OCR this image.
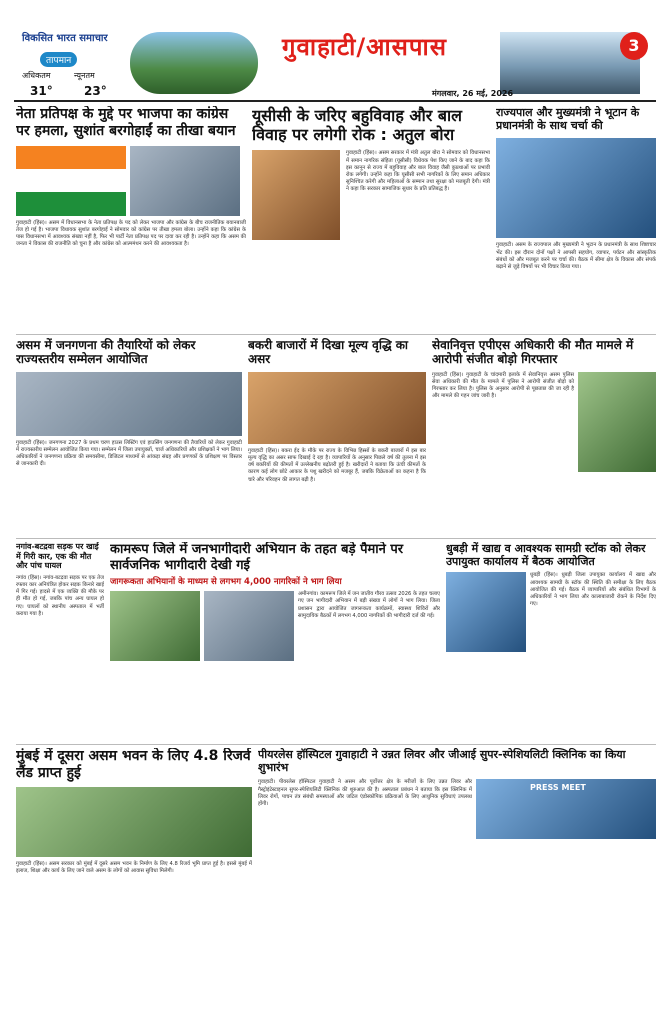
विकसित भारत समाचार
तापमान
अधिकतम	न्यूनतम
31°	23°
गुवाहाटी/आसपास	3
मंगलवार, 26 मई, 2026
नेता प्रतिपक्ष के मुद्दे पर भाजपा का कांग्रेस पर हमला, सुशांत बरगोहाईं का तीखा बयान
गुवाहाटी (हिंस)। असम में विधानसभा के नेता प्रतिपक्ष के पद को लेकर भाजपा और कांग्रेस के बीच राजनीतिक बयानबाजी तेज हो गई है। भाजपा विधायक सुशांत बरगोहाईं ने सोमवार को कांग्रेस पर तीखा हमला बोला। उन्होंने कहा कि कांग्रेस के पास विधानसभा में आवश्यक संख्या नहीं है, फिर भी पार्टी नेता प्रतिपक्ष पद पर दावा कर रही है। उन्होंने कहा कि असम की जनता ने विकास की राजनीति को चुना है और कांग्रेस को आत्ममंथन करने की आवश्यकता है।
यूसीसी के जरिए बहुविवाह और बाल विवाह पर लगेगी रोक : अतुल बोरा
गुवाहाटी (हिंस)। असम सरकार में मंत्री अतुल बोरा ने सोमवार को विधानसभा में समान नागरिक संहिता (यूसीसी) विधेयक पेश किए जाने के बाद कहा कि इस कानून से राज्य में बहुविवाह और बाल विवाह जैसी कुप्रथाओं पर प्रभावी रोक लगेगी। उन्होंने कहा कि यूसीसी सभी नागरिकों के लिए समान अधिकार सुनिश्चित करेगी और महिलाओं के सम्मान तथा सुरक्षा को मजबूती देगी। मंत्री ने कहा कि सरकार सामाजिक सुधार के प्रति प्रतिबद्ध है।
राज्यपाल और मुख्यमंत्री ने भूटान के प्रधानमंत्री के साथ चर्चा की
गुवाहाटी। असम के राज्यपाल और मुख्यमंत्री ने भूटान के प्रधानमंत्री के साथ शिष्टाचार भेंट की। इस दौरान दोनों पक्षों ने आपसी सहयोग, व्यापार, पर्यटन और सांस्कृतिक संबंधों को और मजबूत करने पर चर्चा की। बैठक में सीमा क्षेत्र के विकास और संपर्क बढ़ाने से जुड़े विषयों पर भी विचार किया गया।
असम में जनगणना की तैयारियों को लेकर राज्यस्तरीय सम्मेलन आयोजित
गुवाहाटी (हिंस)। जनगणना 2027 के प्रथम चरण हाउस लिस्टिंग एवं हाउसिंग जनगणना की तैयारियों को लेकर गुवाहाटी में राज्यस्तरीय सम्मेलन आयोजित किया गया। सम्मेलन में जिला उपायुक्तों, चार्ज अधिकारियों और प्रशिक्षकों ने भाग लिया। अधिकारियों ने जनगणना प्रक्रिया की समयसीमा, डिजिटल माध्यमों से आंकड़ा संग्रह और प्रगणकों के प्रशिक्षण पर विस्तार से जानकारी दी।
बकरी बाजारों में दिखा मूल्य वृद्धि का असर
गुवाहाटी (हिंस)। बकरा ईद के मौके पर राज्य के विभिन्न हिस्सों के बकरी बाजारों में इस बार मूल्य वृद्धि का असर साफ दिखाई दे रहा है। व्यापारियों के अनुसार पिछले वर्ष की तुलना में इस वर्ष बकरियों की कीमतों में उल्लेखनीय बढ़ोतरी हुई है। खरीदारों ने बताया कि ऊंची कीमतों के कारण कई लोग छोटे आकार के पशु खरीदने को मजबूर हैं, जबकि विक्रेताओं का कहना है कि चारे और परिवहन की लागत बढ़ी है।
सेवानिवृत्त एपीएस अधिकारी की मौत मामले में आरोपी संजीत बोड़ो गिरफ्तार
गुवाहाटी (हिंस)। गुवाहाटी के चांदमारी इलाके में सेवानिवृत्त असम पुलिस सेवा अधिकारी की मौत के मामले में पुलिस ने आरोपी संजीत बोड़ो को गिरफ्तार कर लिया है। पुलिस के अनुसार आरोपी से पूछताछ की जा रही है और मामले की गहन जांच जारी है।
नगांव-बटद्रवा सड़क पर खाई में गिरी कार, एक की मौत और पांच घायल
नगांव (हिंस)। नगांव-बटद्रवा सड़क पर एक तेज रफ्तार कार अनियंत्रित होकर सड़क किनारे खाई में गिर गई। हादसे में एक व्यक्ति की मौके पर ही मौत हो गई, जबकि पांच अन्य घायल हो गए। घायलों को स्थानीय अस्पताल में भर्ती कराया गया है।
कामरूप जिले में जनभागीदारी अभियान के तहत बड़े पैमाने पर सार्वजनिक भागीदारी देखी गई
जागरूकता अभियानों के माध्यम से लगभग 4,000 नागरिकों ने भाग लिया
अमीनगांव। कामरूप जिले में जन जातीय गौरव उत्सव 2026 के तहत चलाए गए जन भागीदारी अभियान में बड़ी संख्या में लोगों ने भाग लिया। जिला प्रशासन द्वारा आयोजित जागरूकता कार्यक्रमों, स्वास्थ्य शिविरों और सामुदायिक बैठकों में लगभग 4,000 नागरिकों की भागीदारी दर्ज की गई।
धुबड़ी में खाद्य व आवश्यक सामग्री स्टॉक को लेकर उपायुक्त कार्यालय में बैठक आयोजित
धुबड़ी (हिंस)। धुबड़ी जिला उपायुक्त कार्यालय में खाद्य और आवश्यक सामग्री के स्टॉक की स्थिति की समीक्षा के लिए बैठक आयोजित की गई। बैठक में व्यापारियों और संबंधित विभागों के अधिकारियों ने भाग लिया और कालाबाजारी रोकने के निर्देश दिए गए।
मुंबई में दूसरा असम भवन के लिए 4.8 रिजर्व लैंड प्राप्त हुई
गुवाहाटी (हिंस)। असम सरकार को मुंबई में दूसरे असम भवन के निर्माण के लिए 4.8 रिजर्व भूमि प्राप्त हुई है। इससे मुंबई में इलाज, शिक्षा और कार्य के लिए जाने वाले असम के लोगों को आवास सुविधा मिलेगी।
पीयरलेस हॉस्पिटल गुवाहाटी ने उन्नत लिवर और जीआई सुपर-स्पेशियलिटी क्लिनिक का किया शुभारंभ
PRESS MEET
गुवाहाटी। पीयरलेस हॉस्पिटल गुवाहाटी ने असम और पूर्वोत्तर क्षेत्र के मरीजों के लिए उन्नत लिवर और गैस्ट्रोइंटेस्टाइनल सुपर-स्पेशियलिटी क्लिनिक की शुरुआत की है। अस्पताल प्रबंधन ने बताया कि इस क्लिनिक में लिवर रोगों, पाचन तंत्र संबंधी समस्याओं और जटिल एंडोस्कोपिक प्रक्रियाओं के लिए आधुनिक सुविधाएं उपलब्ध होंगी।
